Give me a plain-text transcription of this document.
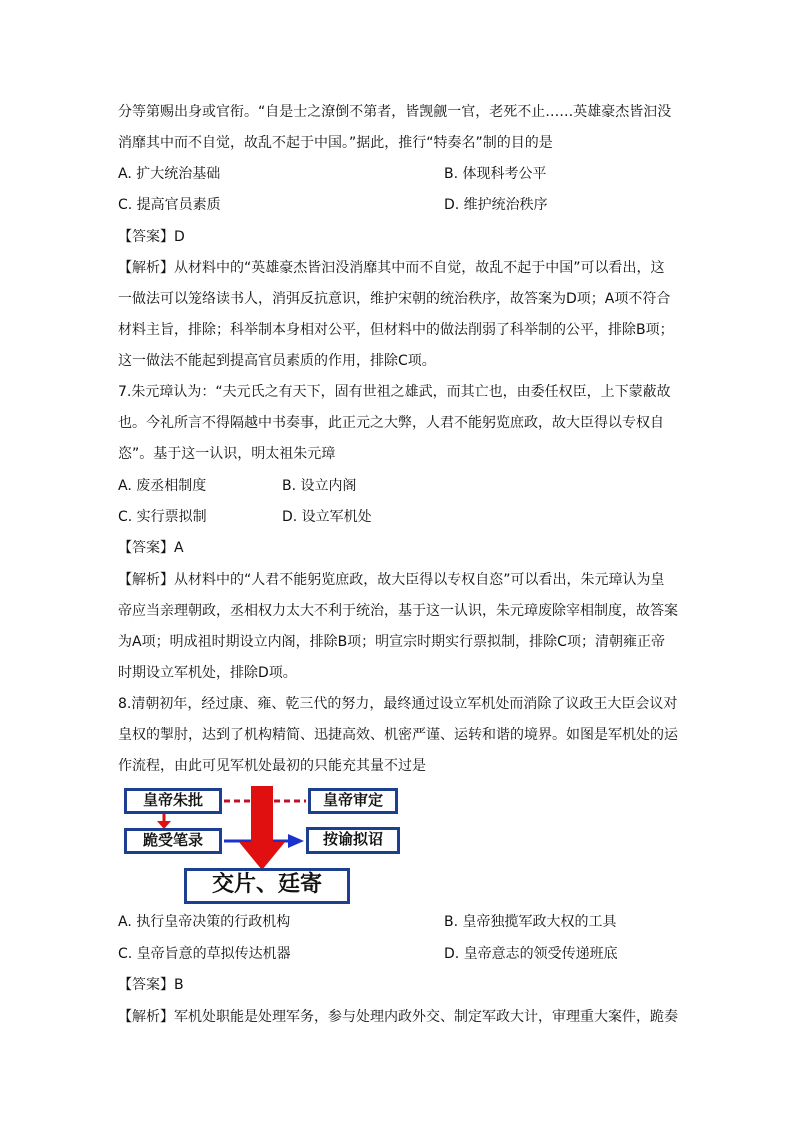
分等第赐出身或官衔。“自是士之潦倒不第者，皆觊觎一官，老死不止……英雄豪杰皆汩没
消靡其中而不自觉，故乱不起于中国。”据此，推行“特奏名”制的目的是
A. 扩大统治基础	B. 体现科考公平
C. 提高官员素质	D. 维护统治秩序
【答案】D
【解析】从材料中的“英雄豪杰皆汩没消靡其中而不自觉，故乱不起于中国”可以看出，这
一做法可以笼络读书人，消弭反抗意识，维护宋朝的统治秩序，故答案为D项；A项不符合
材料主旨，排除；科举制本身相对公平，但材料中的做法削弱了科举制的公平，排除B项；
这一做法不能起到提高官员素质的作用，排除C项。
7.朱元璋认为：“夫元氏之有天下，固有世祖之雄武，而其亡也，由委任权臣，上下蒙蔽故
也。今礼所言不得隔越中书奏事，此正元之大弊，人君不能躬览庶政，故大臣得以专权自
恣”。基于这一认识，明太祖朱元璋
A. 废丞相制度	B. 设立内阁
C. 实行票拟制	D. 设立军机处
【答案】A
【解析】从材料中的“人君不能躬览庶政，故大臣得以专权自恣”可以看出，朱元璋认为皇
帝应当亲理朝政，丞相权力太大不利于统治，基于这一认识，朱元璋废除宰相制度，故答案
为A项；明成祖时期设立内阁，排除B项；明宣宗时期实行票拟制，排除C项；清朝雍正帝
时期设立军机处，排除D项。
8.清朝初年，经过康、雍、乾三代的努力，最终通过设立军机处而消除了议政王大臣会议对
皇权的掣肘，达到了机构精简、迅捷高效、机密严谨、运转和谐的境界。如图是军机处的运
作流程，由此可见军机处最初的只能充其量不过是
皇帝朱批	皇帝审定
跪受笔录	按谕拟诏
交片、廷寄
A. 执行皇帝决策的行政机构	B. 皇帝独揽军政大权的工具
C. 皇帝旨意的草拟传达机器	D. 皇帝意志的领受传递班底
【答案】B
【解析】军机处职能是处理军务，参与处理内政外交、制定军政大计，审理重大案件，跪奏
